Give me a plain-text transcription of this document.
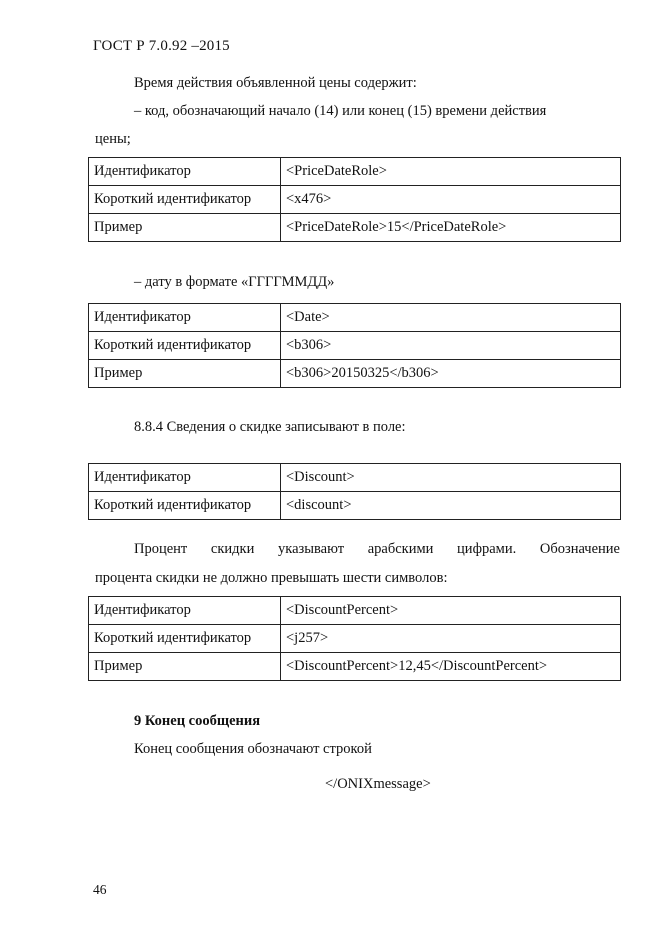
ГОСТ Р 7.0.92 –2015
Время действия объявленной цены содержит:
– код, обозначающий начало (14) или конец (15) времени действия
цены;
Идентификатор	<PriceDateRole>
Короткий идентификатор	<x476>
Пример	<PriceDateRole>15</PriceDateRole>
– дату в формате «ГГГГММДД»
Идентификатор	<Date>
Короткий идентификатор	<b306>
Пример	<b306>20150325</b306>
8.8.4 Сведения о скидке записывают в поле:
Идентификатор	<Discount>
Короткий идентификатор	<discount>
Процент скидки указывают арабскими цифрами. Обозначение
процента скидки не должно превышать шести символов:
Идентификатор	<DiscountPercent>
Короткий идентификатор	<j257>
Пример	<DiscountPercent>12,45</DiscountPercent>
9 Конец сообщения
Конец сообщения обозначают строкой
</ONIXmessage>
46
